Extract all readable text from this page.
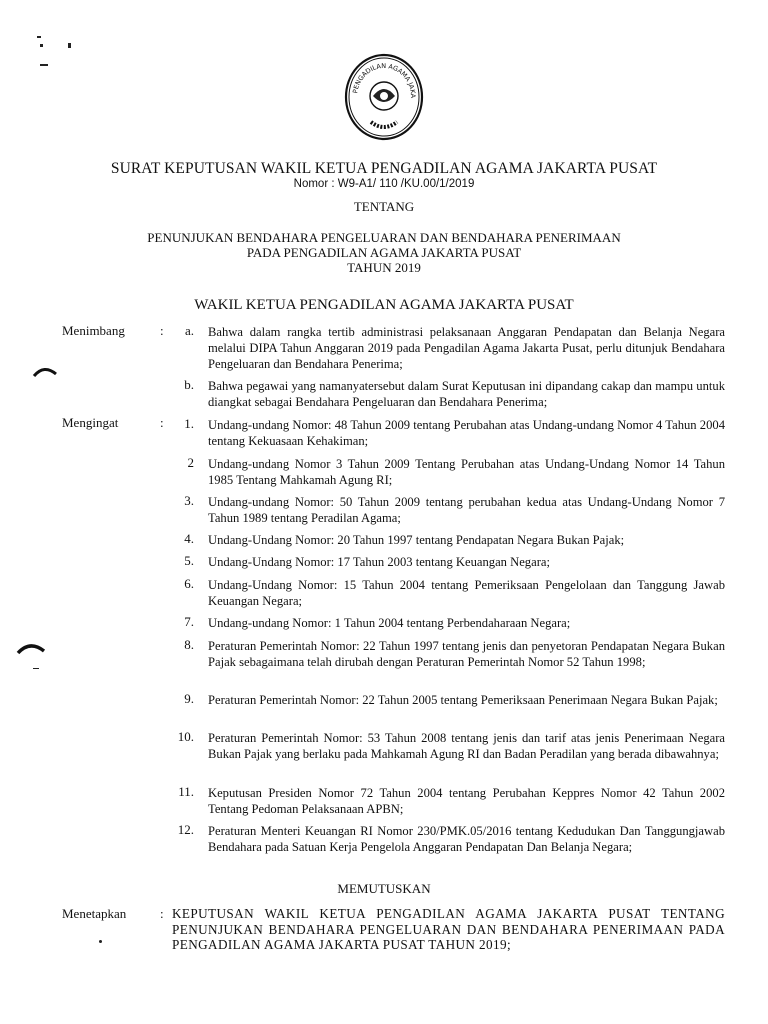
PENGADILAN AGAMA JAKA
SURAT KEPUTUSAN WAKIL KETUA PENGADILAN AGAMA JAKARTA PUSAT
Nomor : W9-A1/ 110 /KU.00/1/2019
TENTANG
PENUNJUKAN BENDAHARA PENGELUARAN DAN BENDAHARA PENERIMAAN
PADA PENGADILAN AGAMA JAKARTA PUSAT
TAHUN 2019
WAKIL KETUA PENGADILAN AGAMA JAKARTA PUSAT
Menimbang	:	a. Bahwa dalam rangka tertib administrasi pelaksanaan Anggaran Pendapatan dan Belanja Negara melalui DIPA Tahun Anggaran 2019 pada Pengadilan Agama Jakarta Pusat, perlu ditunjuk Bendahara Pengeluaran dan Bendahara Penerima;
b. Bahwa pegawai yang namanyatersebut dalam Surat Keputusan ini dipandang cakap dan mampu untuk diangkat sebagai Bendahara Pengeluaran dan Bendahara Penerima;
Mengingat	:	1. Undang-undang Nomor: 48 Tahun 2009 tentang Perubahan atas Undang-undang Nomor 4 Tahun 2004 tentang Kekuasaan Kehakiman;
2 Undang-undang Nomor 3 Tahun 2009 Tentang Perubahan atas Undang-Undang Nomor 14 Tahun 1985 Tentang Mahkamah Agung RI;
3. Undang-undang Nomor: 50 Tahun 2009 tentang perubahan kedua atas Undang-Undang Nomor 7 Tahun 1989 tentang Peradilan Agama;
4. Undang-Undang Nomor: 20 Tahun 1997 tentang Pendapatan Negara Bukan Pajak;
5. Undang-Undang Nomor: 17 Tahun 2003 tentang Keuangan Negara;
6. Undang-Undang Nomor: 15 Tahun 2004 tentang Pemeriksaan Pengelolaan dan Tanggung Jawab Keuangan Negara;
7. Undang-undang Nomor: 1 Tahun 2004 tentang Perbendaharaan Negara;
8. Peraturan Pemerintah Nomor: 22 Tahun 1997 tentang jenis dan penyetoran Pendapatan Negara Bukan Pajak sebagaimana telah dirubah dengan Peraturan Pemerintah Nomor 52 Tahun 1998;
9. Peraturan Pemerintah Nomor: 22 Tahun 2005 tentang Pemeriksaan Penerimaan Negara Bukan Pajak;
10. Peraturan Pemerintah Nomor: 53 Tahun 2008 tentang jenis dan tarif atas jenis Penerimaan Negara Bukan Pajak yang berlaku pada Mahkamah Agung RI dan Badan Peradilan yang berada dibawahnya;
11. Keputusan Presiden Nomor 72 Tahun 2004 tentang Perubahan Keppres Nomor 42 Tahun 2002 Tentang Pedoman Pelaksanaan APBN;
12. Peraturan Menteri Keuangan RI Nomor 230/PMK.05/2016 tentang Kedudukan Dan Tanggungjawab Bendahara pada Satuan Kerja Pengelola Anggaran Pendapatan Dan Belanja Negara;
MEMUTUSKAN
Menetapkan	: KEPUTUSAN WAKIL KETUA PENGADILAN AGAMA JAKARTA PUSAT TENTANG PENUNJUKAN BENDAHARA PENGELUARAN DAN BENDAHARA PENERIMAAN PADA PENGADILAN AGAMA JAKARTA PUSAT TAHUN 2019;
